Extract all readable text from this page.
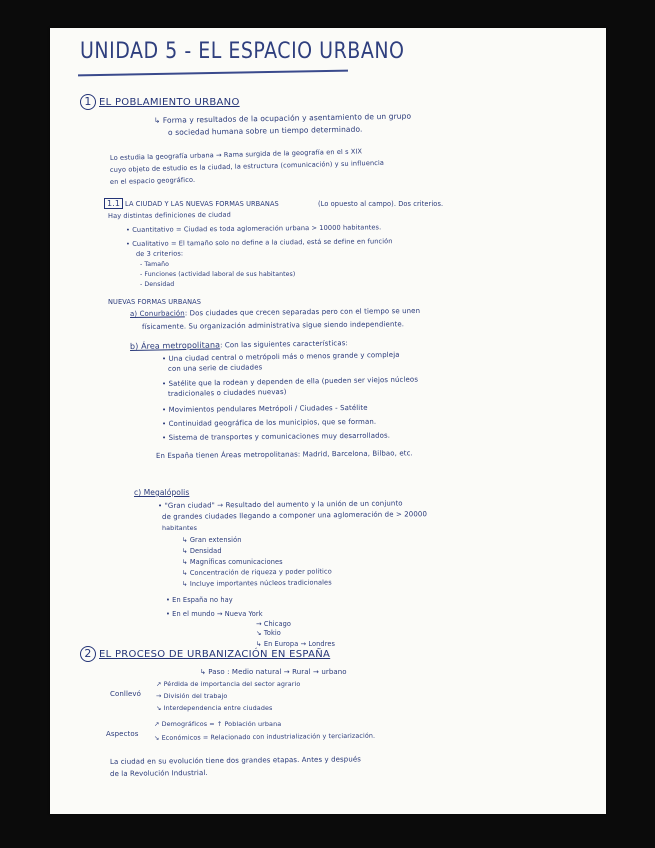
UNIDAD 5 - EL ESPACIO URBANO
1 EL POBLAMIENTO URBANO
↳ Forma y resultados de la ocupación y asentamiento de un grupo
o sociedad humana sobre un tiempo determinado.
Lo estudia la geografía urbana → Rama surgida de la geografía en el s XIX
cuyo objeto de estudio es la ciudad, la estructura (comunicación) y su influencia
en el espacio geográfico.
1.1 LA CIUDAD Y LAS NUEVAS FORMAS URBANAS	(Lo opuesto al campo). Dos criterios.
Hay distintas definiciones de ciudad
• Cuantitativo = Ciudad es toda aglomeración urbana > 10000 habitantes.
• Cualitativo = El tamaño solo no define a la ciudad, está se define en función
de 3 criterios:
- Tamaño
- Funciones (actividad laboral de sus habitantes)
- Densidad
NUEVAS FORMAS URBANAS
a) Conurbación: Dos ciudades que crecen separadas pero con el tiempo se unen
físicamente. Su organización administrativa sigue siendo independiente.
b) Área metropolitana: Con las siguientes características:
• Una ciudad central o metrópoli más o menos grande y compleja
con una serie de ciudades
• Satélite que la rodean y dependen de ella (pueden ser viejos núcleos
tradicionales o ciudades nuevas)
• Movimientos pendulares Metrópoli / Ciudades - Satélite
• Continuidad geográfica de los municipios, que se forman.
• Sistema de transportes y comunicaciones muy desarrollados.
En España tienen Áreas metropolitanas: Madrid, Barcelona, Bilbao, etc.
c) Megalópolis
• "Gran ciudad" → Resultado del aumento y la unión de un conjunto
de grandes ciudades llegando a componer una aglomeración de > 20000
habitantes
↳ Gran extensión
↳ Densidad
↳ Magníficas comunicaciones
↳ Concentración de riqueza y poder político
↳ Incluye importantes núcleos tradicionales
• En España no hay
• En el mundo → Nueva York
→ Chicago
↘ Tokio
↳ En Europa → Londres
2 EL PROCESO DE URBANIZACIÓN EN ESPAÑA
↳ Paso : Medio natural → Rural → urbano
Conllevó
↗ Pérdida de importancia del sector agrario
→ División del trabajo
↘ Interdependencia entre ciudades
Aspectos
↗ Demográficos = ↑ Población urbana
↘ Económicos = Relacionado con industrialización y terciarización.
La ciudad en su evolución tiene dos grandes etapas. Antes y después
de la Revolución Industrial.
